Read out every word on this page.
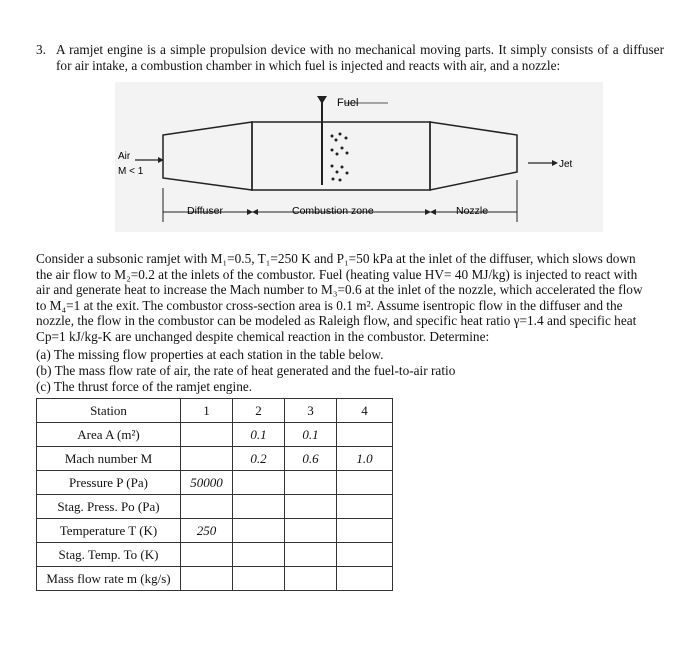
3. A ramjet engine is a simple propulsion device with no mechanical moving parts. It simply consists of a diffuser for air intake, a combustion chamber in which fuel is injected and reacts with air, and a nozzle:
Fuel
Air
M < 1
Jet
Diffuser	Combustion zone	Nozzle
Consider a subsonic ramjet with M₁=0.5, T₁=250 K and P₁=50 kPa at the inlet of the diffuser, which slows down
the air flow to M₂=0.2 at the inlets of the combustor. Fuel (heating value HV= 40 MJ/kg) is injected to react with
air and generate heat to increase the Mach number to M₃=0.6 at the inlet of the nozzle, which accelerated the flow
to M₄=1 at the exit. The combustor cross-section area is 0.1 m². Assume isentropic flow in the diffuser and the
nozzle, the flow in the combustor can be modeled as Raleigh flow, and specific heat ratio γ=1.4 and specific heat
Cp=1 kJ/kg-K are unchanged despite chemical reaction in the combustor. Determine:
(a) The missing flow properties at each station in the table below.
(b) The mass flow rate of air, the rate of heat generated and the fuel-to-air ratio
(c) The thrust force of the ramjet engine.
Station	1	2	3	4
Area A (m²)		0.1	0.1	
Mach number M		0.2	0.6	1.0
Pressure P (Pa)	50000			
Stag. Press. Po (Pa)				
Temperature T (K)	250			
Stag. Temp. To (K)				
Mass flow rate m (kg/s)				
